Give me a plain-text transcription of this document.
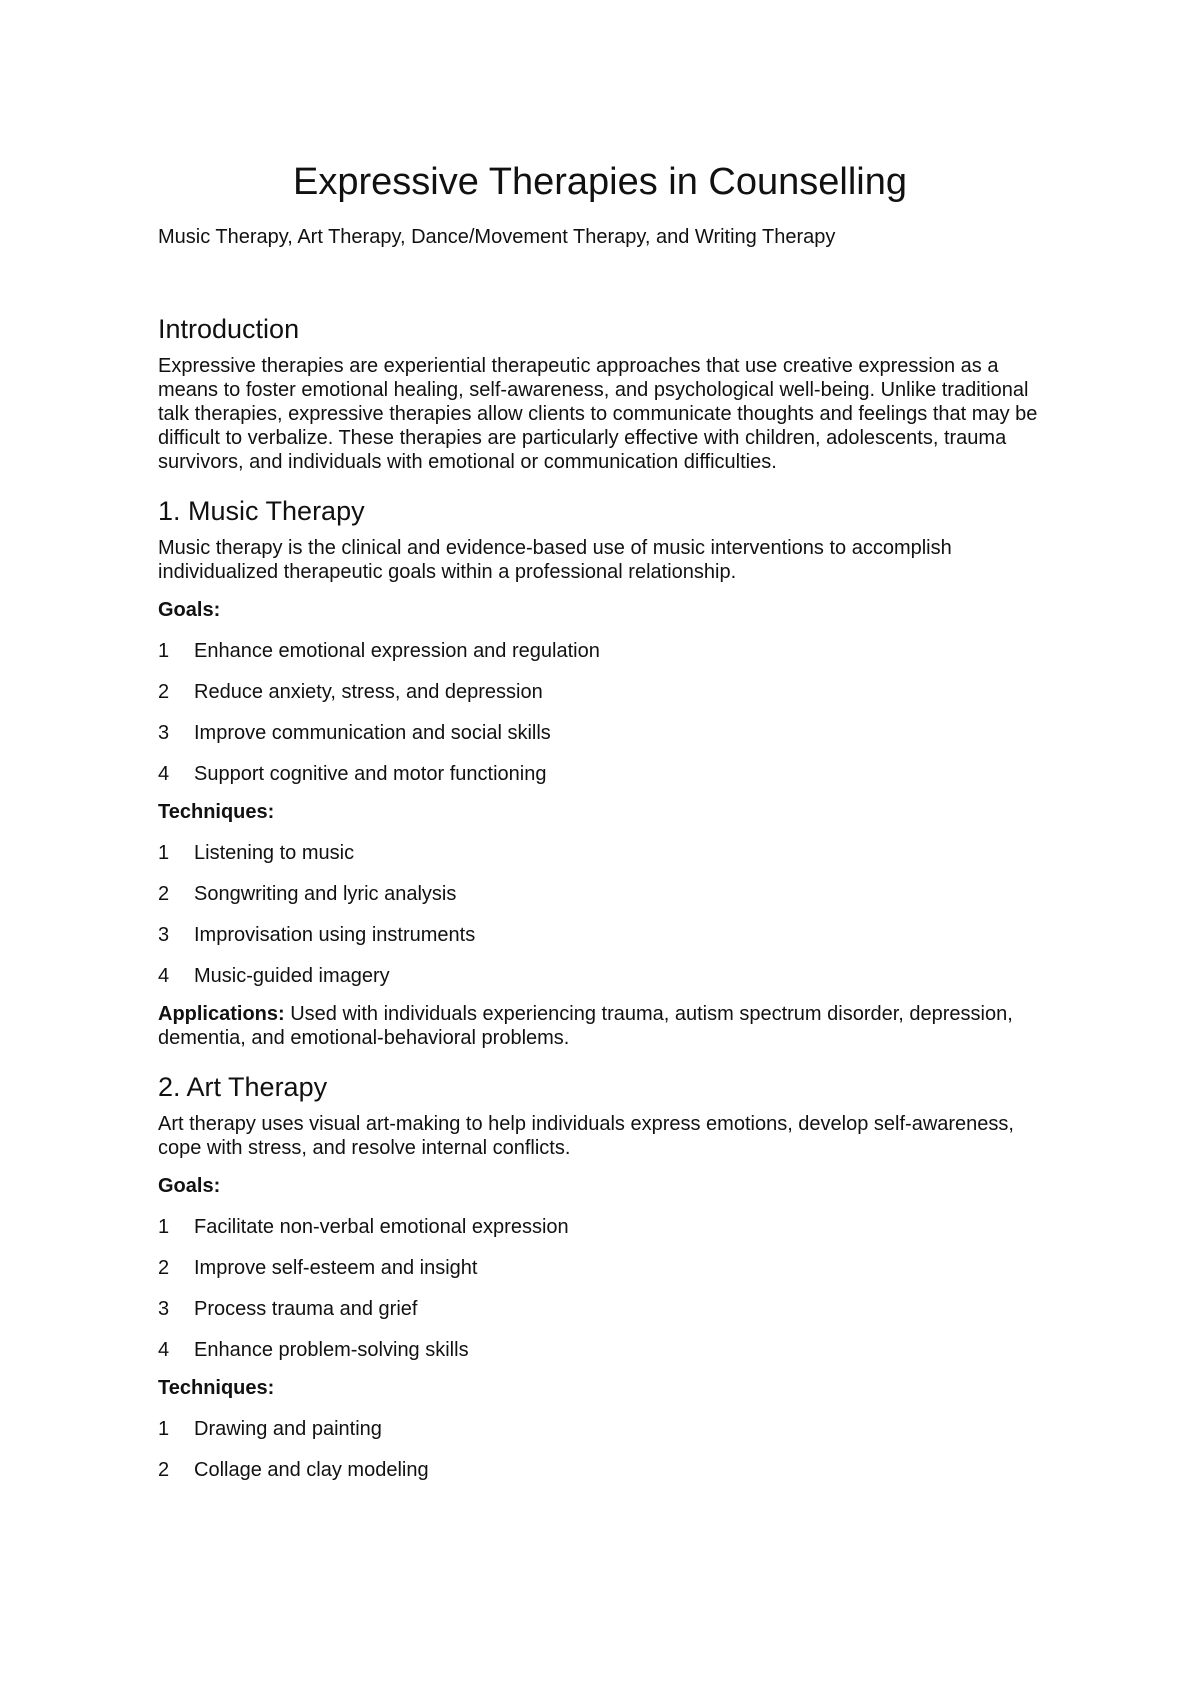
Expressive Therapies in Counselling

Music Therapy, Art Therapy, Dance/Movement Therapy, and Writing Therapy

Introduction

Expressive therapies are experiential therapeutic approaches that use creative expression as a means to foster emotional healing, self-awareness, and psychological well-being. Unlike traditional talk therapies, expressive therapies allow clients to communicate thoughts and feelings that may be difficult to verbalize. These therapies are particularly effective with children, adolescents, trauma survivors, and individuals with emotional or communication difficulties.

1. Music Therapy

Music therapy is the clinical and evidence-based use of music interventions to accomplish individualized therapeutic goals within a professional relationship.

Goals:
1	Enhance emotional expression and regulation
2	Reduce anxiety, stress, and depression
3	Improve communication and social skills
4	Support cognitive and motor functioning
Techniques:
1	Listening to music
2	Songwriting and lyric analysis
3	Improvisation using instruments
4	Music-guided imagery

Applications: Used with individuals experiencing trauma, autism spectrum disorder, depression, dementia, and emotional-behavioral problems.

2. Art Therapy

Art therapy uses visual art-making to help individuals express emotions, develop self-awareness, cope with stress, and resolve internal conflicts.

Goals:
1	Facilitate non-verbal emotional expression
2	Improve self-esteem and insight
3	Process trauma and grief
4	Enhance problem-solving skills
Techniques:
1	Drawing and painting
2	Collage and clay modeling
